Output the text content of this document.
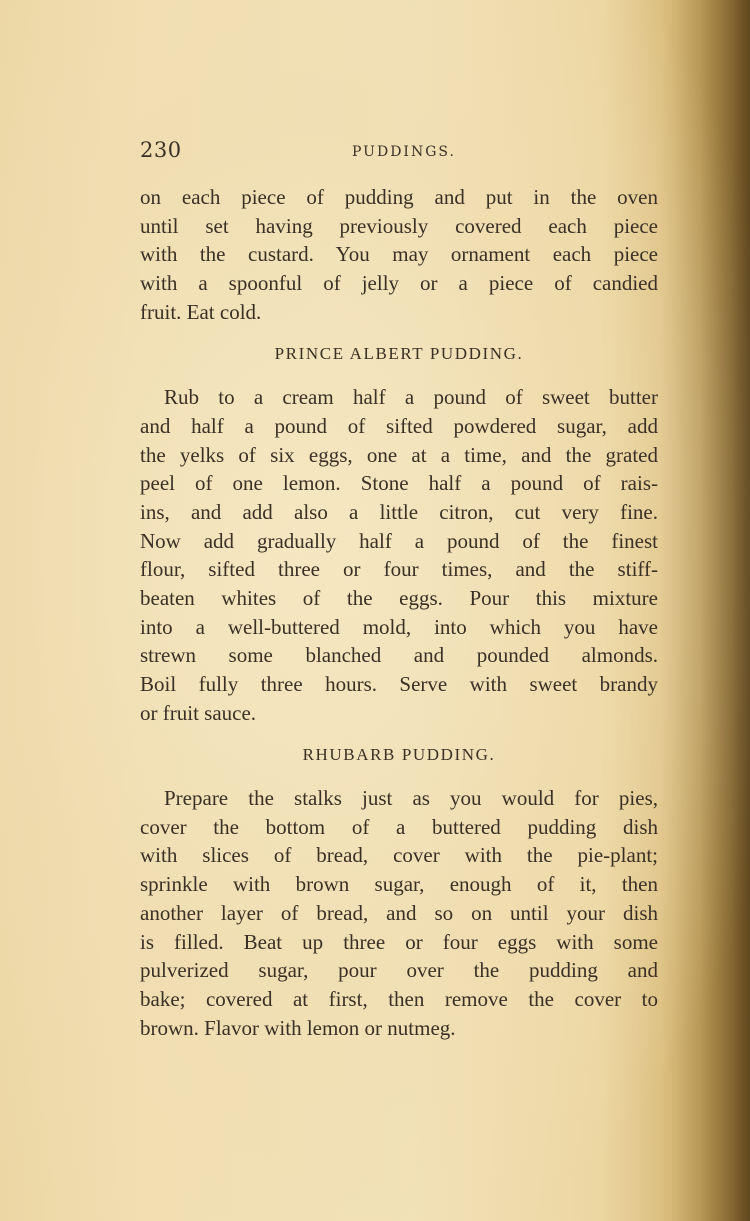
230	PUDDINGS.
on each piece of pudding and put in the oven
until set having previously covered each piece
with the custard. You may ornament each piece
with a spoonful of jelly or a piece of candied
fruit. Eat cold.
PRINCE ALBERT PUDDING.
Rub to a cream half a pound of sweet butter
and half a pound of sifted powdered sugar, add
the yelks of six eggs, one at a time, and the grated
peel of one lemon. Stone half a pound of rais-
ins, and add also a little citron, cut very fine.
Now add gradually half a pound of the finest
flour, sifted three or four times, and the stiff-
beaten whites of the eggs. Pour this mixture
into a well-buttered mold, into which you have
strewn some blanched and pounded almonds.
Boil fully three hours. Serve with sweet brandy
or fruit sauce.
RHUBARB PUDDING.
Prepare the stalks just as you would for pies,
cover the bottom of a buttered pudding dish
with slices of bread, cover with the pie-plant;
sprinkle with brown sugar, enough of it, then
another layer of bread, and so on until your dish
is filled. Beat up three or four eggs with some
pulverized sugar, pour over the pudding and
bake; covered at first, then remove the cover to
brown. Flavor with lemon or nutmeg.
